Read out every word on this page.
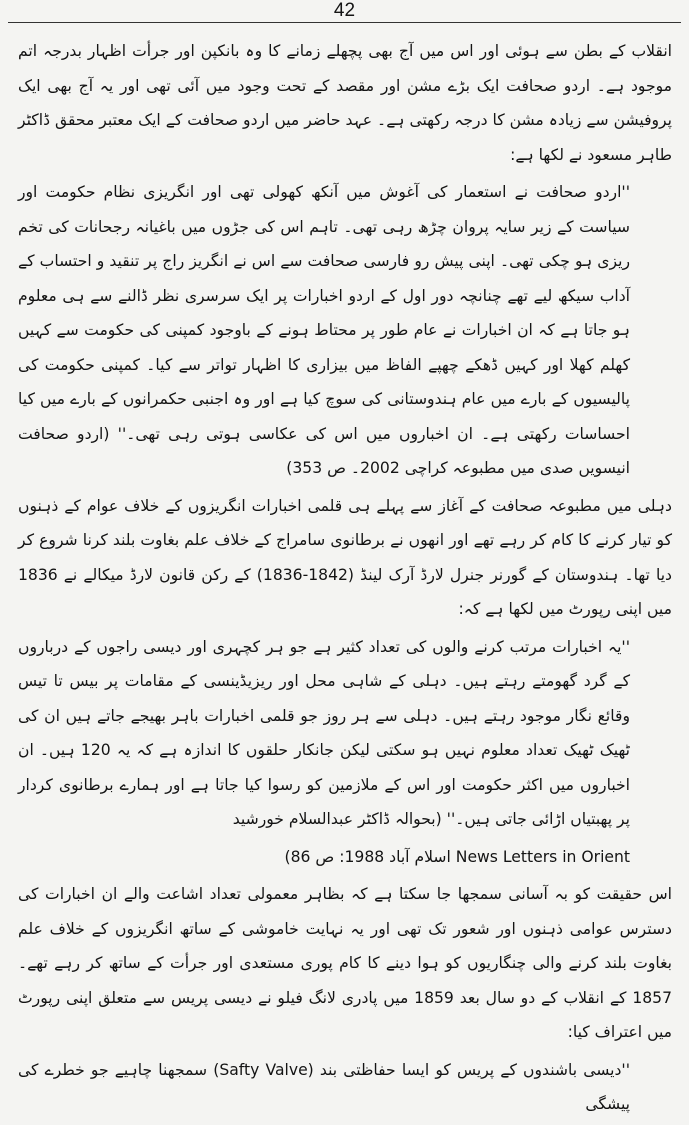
42

انقلاب کے بطن سے ہوئی اور اس میں آج بھی پچھلے زمانے کا وہ بانکپن اور جرأت اظہار بدرجہ اتم موجود ہے۔ اردو صحافت ایک بڑے مشن اور مقصد کے تحت وجود میں آئی تھی اور یہ آج بھی ایک پروفیشن سے زیادہ مشن کا درجہ رکھتی ہے۔ عہد حاضر میں اردو صحافت کے ایک معتبر محقق ڈاکٹر طاہر مسعود نے لکھا ہے:

''اردو صحافت نے استعمار کی آغوش میں آنکھ کھولی تھی اور انگریزی نظام حکومت اور سیاست کے زیر سایہ پروان چڑھ رہی تھی۔ تاہم اس کی جڑوں میں باغیانہ رجحانات کی تخم ریزی ہو چکی تھی۔ اپنی پیش رو فارسی صحافت سے اس نے انگریز راج پر تنقید و احتساب کے آداب سیکھ لیے تھے چنانچہ دور اول کے اردو اخبارات پر ایک سرسری نظر ڈالنے سے ہی معلوم ہو جاتا ہے کہ ان اخبارات نے عام طور پر محتاط ہونے کے باوجود کمپنی کی حکومت سے کہیں کھلم کھلا اور کہیں ڈھکے چھپے الفاظ میں بیزاری کا اظہار تواتر سے کیا۔ کمپنی حکومت کی پالیسیوں کے بارے میں عام ہندوستانی کی سوچ کیا ہے اور وہ اجنبی حکمرانوں کے بارے میں کیا احساسات رکھتی ہے۔ ان اخباروں میں اس کی عکاسی ہوتی رہی تھی۔'' (اردو صحافت انیسویں صدی میں مطبوعہ کراچی 2002۔ ص 353)

دہلی میں مطبوعہ صحافت کے آغاز سے پہلے ہی قلمی اخبارات انگریزوں کے خلاف عوام کے ذہنوں کو تیار کرنے کا کام کر رہے تھے اور انھوں نے برطانوی سامراج کے خلاف علم بغاوت بلند کرنا شروع کر دیا تھا۔ ہندوستان کے گورنر جنرل لارڈ آرک لینڈ (1842-1836) کے رکن قانون لارڈ میکالے نے 1836 میں اپنی رپورٹ میں لکھا ہے کہ:

''یہ اخبارات مرتب کرنے والوں کی تعداد کثیر ہے جو ہر کچہری اور دیسی راجوں کے درباروں کے گرد گھومتے رہتے ہیں۔ دہلی کے شاہی محل اور ریزیڈینسی کے مقامات پر بیس تا تیس وقائع نگار موجود رہتے ہیں۔ دہلی سے ہر روز جو قلمی اخبارات باہر بھیجے جاتے ہیں ان کی ٹھیک ٹھیک تعداد معلوم نہیں ہو سکتی لیکن جانکار حلقوں کا اندازہ ہے کہ یہ 120 ہیں۔ ان اخباروں میں اکثر حکومت اور اس کے ملازمین کو رسوا کیا جاتا ہے اور ہمارے برطانوی کردار پر پھبتیاں اڑائی جاتی ہیں۔'' (بحوالہ ڈاکٹر عبدالسلام خورشید

News Letters in Orient اسلام آباد 1988: ص 86)

اس حقیقت کو بہ آسانی سمجھا جا سکتا ہے کہ بظاہر معمولی تعداد اشاعت والے ان اخبارات کی دسترس عوامی ذہنوں اور شعور تک تھی اور یہ نہایت خاموشی کے ساتھ انگریزوں کے خلاف علم بغاوت بلند کرنے والی چنگاریوں کو ہوا دینے کا کام پوری مستعدی اور جرأت کے ساتھ کر رہے تھے۔ 1857 کے انقلاب کے دو سال بعد 1859 میں پادری لانگ فیلو نے دیسی پریس سے متعلق اپنی رپورٹ میں اعتراف کیا:

''دیسی باشندوں کے پریس کو ایسا حفاظتی بند (Safty Valve) سمجھنا چاہیے جو خطرے کی پیشگی
